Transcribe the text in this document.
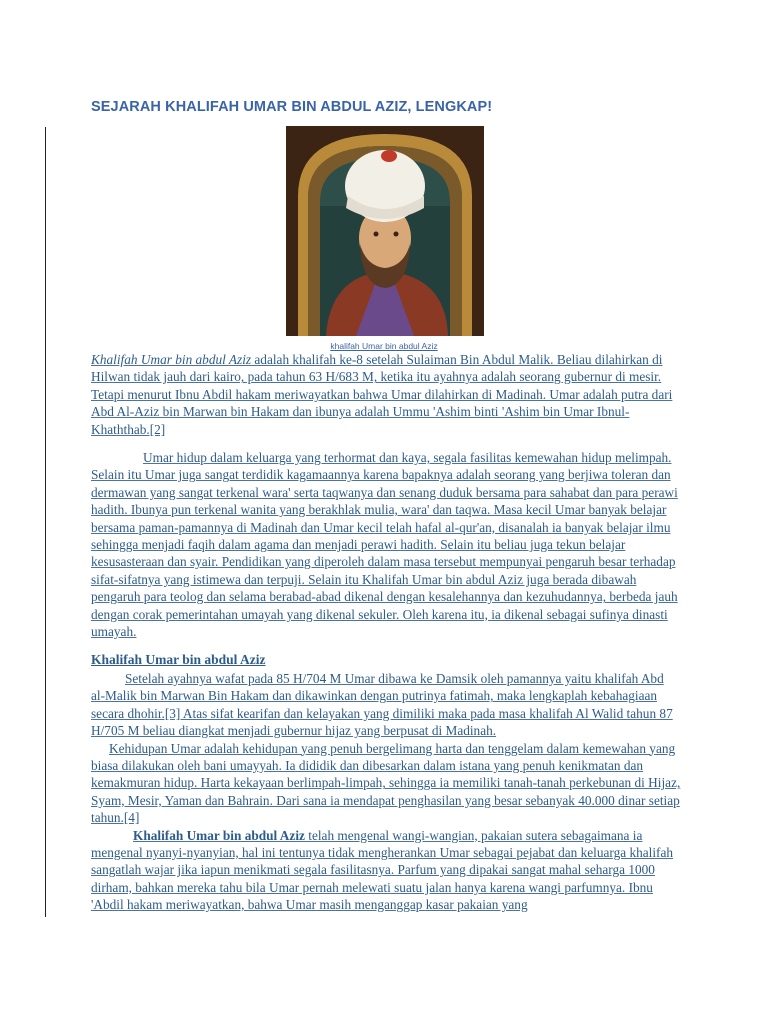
SEJARAH KHALIFAH UMAR BIN ABDUL AZIZ, LENGKAP!
khalifah Umar bin abdul Aziz

Khalifah Umar bin abdul Aziz adalah khalifah ke-8 setelah Sulaiman Bin Abdul Malik. Beliau dilahirkan di Hilwan tidak jauh dari kairo, pada tahun 63 H/683 M, ketika itu ayahnya adalah seorang gubernur di mesir. Tetapi menurut Ibnu Abdil hakam meriwayatkan bahwa Umar dilahirkan di Madinah. Umar adalah putra dari Abd Al-Aziz bin Marwan bin Hakam dan ibunya adalah Ummu 'Ashim binti 'Ashim bin Umar Ibnul-Khaththab.[2]

Umar hidup dalam keluarga yang terhormat dan kaya, segala fasilitas kemewahan hidup melimpah. Selain itu Umar juga sangat terdidik kagamaannya karena bapaknya adalah seorang yang berjiwa toleran dan dermawan yang sangat terkenal wara' serta taqwanya dan senang duduk bersama para sahabat dan para perawi hadith. Ibunya pun terkenal wanita yang berakhlak mulia, wara' dan taqwa. Masa kecil Umar banyak belajar bersama paman-pamannya di Madinah dan Umar kecil telah hafal al-qur'an, disanalah ia banyak belajar ilmu sehingga menjadi faqih dalam agama dan menjadi perawi hadith. Selain itu beliau juga tekun belajar kesusasteraan dan syair. Pendidikan yang diperoleh dalam masa tersebut mempunyai pengaruh besar terhadap sifat-sifatnya yang istimewa dan terpuji. Selain itu Khalifah Umar bin abdul Aziz juga berada dibawah pengaruh para teolog dan selama berabad-abad dikenal dengan kesalehannya dan kezuhudannya, berbeda jauh dengan corak pemerintahan umayah yang dikenal sekuler. Oleh karena itu, ia dikenal sebagai sufinya dinasti umayah.

Khalifah Umar bin abdul Aziz

Setelah ayahnya wafat pada 85 H/704 M Umar dibawa ke Damsik oleh pamannya yaitu khalifah Abd al-Malik bin Marwan Bin Hakam dan dikawinkan dengan putrinya fatimah, maka lengkaplah kebahagiaan secara dhohir.[3] Atas sifat kearifan dan kelayakan yang dimiliki maka pada masa khalifah Al Walid tahun 87 H/705 M beliau diangkat menjadi gubernur hijaz yang berpusat di Madinah.

Kehidupan Umar adalah kehidupan yang penuh bergelimang harta dan tenggelam dalam kemewahan yang biasa dilakukan oleh bani umayyah. Ia dididik dan dibesarkan dalam istana yang penuh kenikmatan dan kemakmuran hidup. Harta kekayaan berlimpah-limpah, sehingga ia memiliki tanah-tanah perkebunan di Hijaz, Syam, Mesir, Yaman dan Bahrain. Dari sana ia mendapat penghasilan yang besar sebanyak 40.000 dinar setiap tahun.[4]

Khalifah Umar bin abdul Aziz telah mengenal wangi-wangian, pakaian sutera sebagaimana ia mengenal nyanyi-nyanyian, hal ini tentunya tidak mengherankan Umar sebagai pejabat dan keluarga khalifah sangatlah wajar jika iapun menikmati segala fasilitasnya. Parfum yang dipakai sangat mahal seharga 1000 dirham, bahkan mereka tahu bila Umar pernah melewati suatu jalan hanya karena wangi parfumnya. Ibnu 'Abdil hakam meriwayatkan, bahwa Umar masih menganggap kasar pakaian yang
